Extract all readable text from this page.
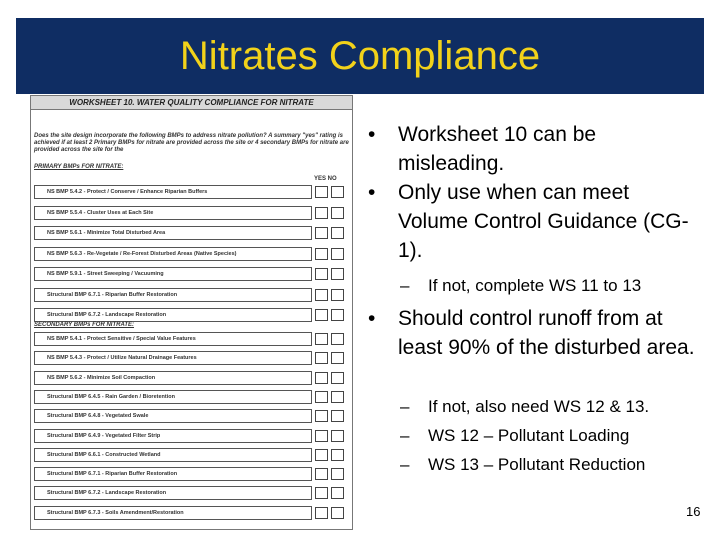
Nitrates Compliance
WORKSHEET 10. WATER QUALITY COMPLIANCE FOR NITRATE
Does the site design incorporate the following BMPs to address nitrate pollution? A summary "yes" rating is achieved if at least 2 Primary BMPs for nitrate are provided across the site or 4 secondary BMPs for nitrate are provided across the site for the
PRIMARY BMPs FOR NITRATE:
YES NO
NS BMP 5.4.2 - Protect / Conserve / Enhance Riparian Buffers
NS BMP 5.5.4 - Cluster Uses at Each Site
NS BMP 5.6.1 - Minimize Total Disturbed Area
NS BMP 5.6.3 - Re-Vegetate / Re-Forest Disturbed Areas (Native Species)
NS BMP 5.9.1 - Street Sweeping / Vacuuming
Structural BMP 6.7.1 - Riparian Buffer Restoration
Structural BMP 6.7.2 - Landscape Restoration
SECONDARY BMPs FOR NITRATE:
NS BMP 5.4.1 - Protect Sensitive / Special Value Features
NS BMP 5.4.3 - Protect / Utilize Natural Drainage Features
NS BMP 5.6.2 - Minimize Soil Compaction
Structural BMP 6.4.5 - Rain Garden / Bioretention
Structural BMP 6.4.8 - Vegetated Swale
Structural BMP 6.4.9 - Vegetated Filter Strip
Structural BMP 6.6.1 - Constructed Wetland
Structural BMP 6.7.1 - Riparian Buffer Restoration
Structural BMP 6.7.2 - Landscape Restoration
Structural BMP 6.7.3 - Soils Amendment/Restoration
• Worksheet 10 can be misleading.
• Only use when can meet Volume Control Guidance (CG-1).
– If not, complete WS 11 to 13
• Should control runoff from at least 90% of the disturbed area.
– If not, also need WS 12 & 13.
– WS 12 – Pollutant Loading
– WS 13 – Pollutant Reduction
16
